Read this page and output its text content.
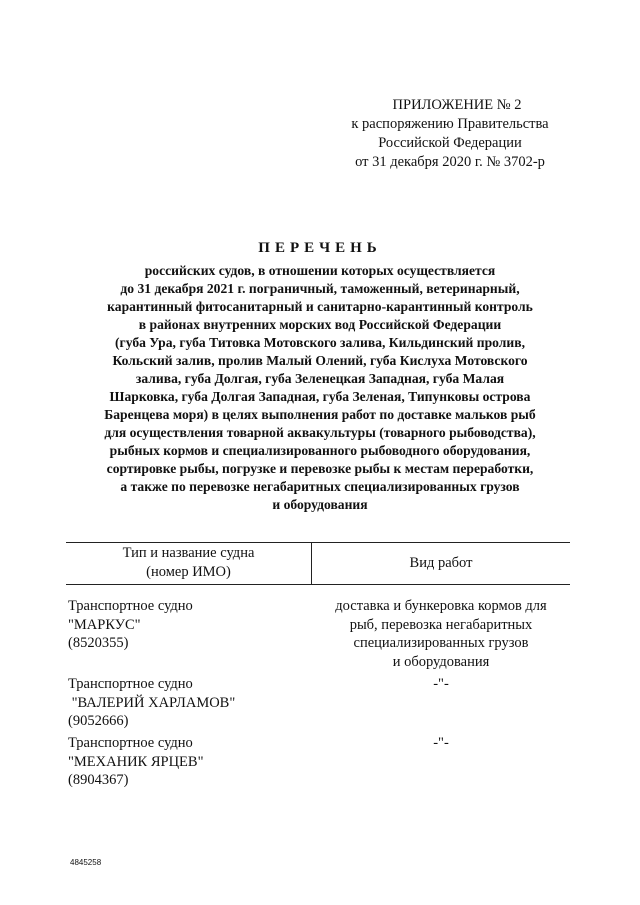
ПРИЛОЖЕНИЕ № 2
к распоряжению Правительства
Российской Федерации
от 31 декабря 2020 г. № 3702-р
ПЕРЕЧЕНЬ
российских судов, в отношении которых осуществляется
до 31 декабря 2021 г. пограничный, таможенный, ветеринарный,
карантинный фитосанитарный и санитарно-карантинный контроль
в районах внутренних морских вод Российской Федерации
(губа Ура, губа Титовка Мотовского залива, Кильдинский пролив,
Кольский залив, пролив Малый Олений, губа Кислуха Мотовского
залива, губа Долгая, губа Зеленецкая Западная, губа Малая
Шарковка, губа Долгая Западная, губа Зеленая, Типунковы острова
Баренцева моря) в целях выполнения работ по доставке мальков рыб
для осуществления товарной аквакультуры (товарного рыбоводства),
рыбных кормов и специализированного рыбоводного оборудования,
сортировке рыбы, погрузке и перевозке рыбы к местам переработки,
а также по перевозке негабаритных специализированных грузов
и оборудования
Тип и название судна
(номер ИМО)
Вид работ
Транспортное судно
"МАРКУС"
(8520355)
доставка и бункеровка кормов для
рыб, перевозка негабаритных
специализированных грузов
и оборудования
Транспортное судно
"ВАЛЕРИЙ ХАРЛАМОВ"
(9052666)
-"-
Транспортное судно
"МЕХАНИК ЯРЦЕВ"
(8904367)
-"-
4845258
